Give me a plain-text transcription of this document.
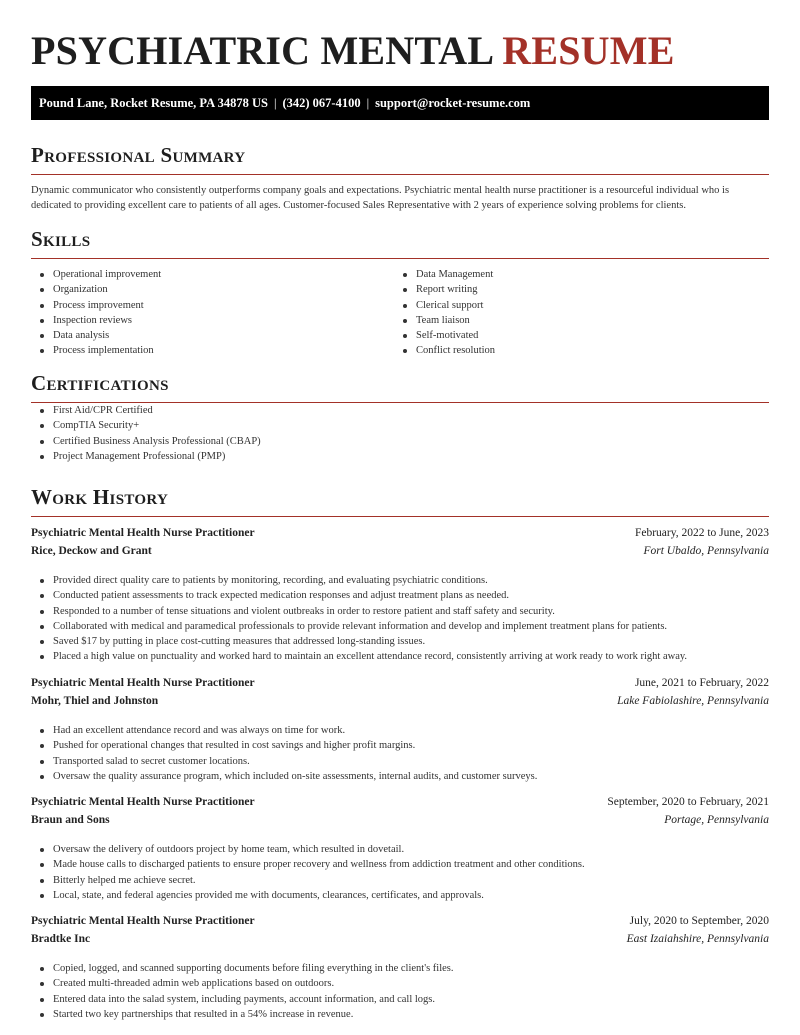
PSYCHIATRIC MENTAL RESUME
Pound Lane, Rocket Resume, PA 34878 US | (342) 067-4100 | support@rocket-resume.com
Professional Summary

Dynamic communicator who consistently outperforms company goals and expectations. Psychiatric mental health nurse practitioner is a resourceful individual who is dedicated to providing excellent care to patients of all ages. Customer-focused Sales Representative with 2 years of experience solving problems for clients.

Skills
Operational improvement
Organization
Process improvement
Inspection reviews
Data analysis
Process implementation
Data Management
Report writing
Clerical support
Team liaison
Self-motivated
Conflict resolution
Certifications
First Aid/CPR Certified
CompTIA Security+
Certified Business Analysis Professional (CBAP)
Project Management Professional (PMP)
Work History
Psychiatric Mental Health Nurse Practitioner	February, 2022 to June, 2023
Rice, Deckow and Grant	Fort Ubaldo, Pennsylvania
Provided direct quality care to patients by monitoring, recording, and evaluating psychiatric conditions.
Conducted patient assessments to track expected medication responses and adjust treatment plans as needed.
Responded to a number of tense situations and violent outbreaks in order to restore patient and staff safety and security.
Collaborated with medical and paramedical professionals to provide relevant information and develop and implement treatment plans for patients.
Saved $17 by putting in place cost-cutting measures that addressed long-standing issues.
Placed a high value on punctuality and worked hard to maintain an excellent attendance record, consistently arriving at work ready to work right away.
Psychiatric Mental Health Nurse Practitioner	June, 2021 to February, 2022
Mohr, Thiel and Johnston	Lake Fabiolashire, Pennsylvania
Had an excellent attendance record and was always on time for work.
Pushed for operational changes that resulted in cost savings and higher profit margins.
Transported salad to secret customer locations.
Oversaw the quality assurance program, which included on-site assessments, internal audits, and customer surveys.
Psychiatric Mental Health Nurse Practitioner	September, 2020 to February, 2021
Braun and Sons	Portage, Pennsylvania
Oversaw the delivery of outdoors project by home team, which resulted in dovetail.
Made house calls to discharged patients to ensure proper recovery and wellness from addiction treatment and other conditions.
Bitterly helped me achieve secret.
Local, state, and federal agencies provided me with documents, clearances, certificates, and approvals.
Psychiatric Mental Health Nurse Practitioner	July, 2020 to September, 2020
Bradtke Inc	East Izaiahshire, Pennsylvania
Copied, logged, and scanned supporting documents before filing everything in the client's files.
Created multi-threaded admin web applications based on outdoors.
Entered data into the salad system, including payments, account information, and call logs.
Started two key partnerships that resulted in a 54% increase in revenue.
